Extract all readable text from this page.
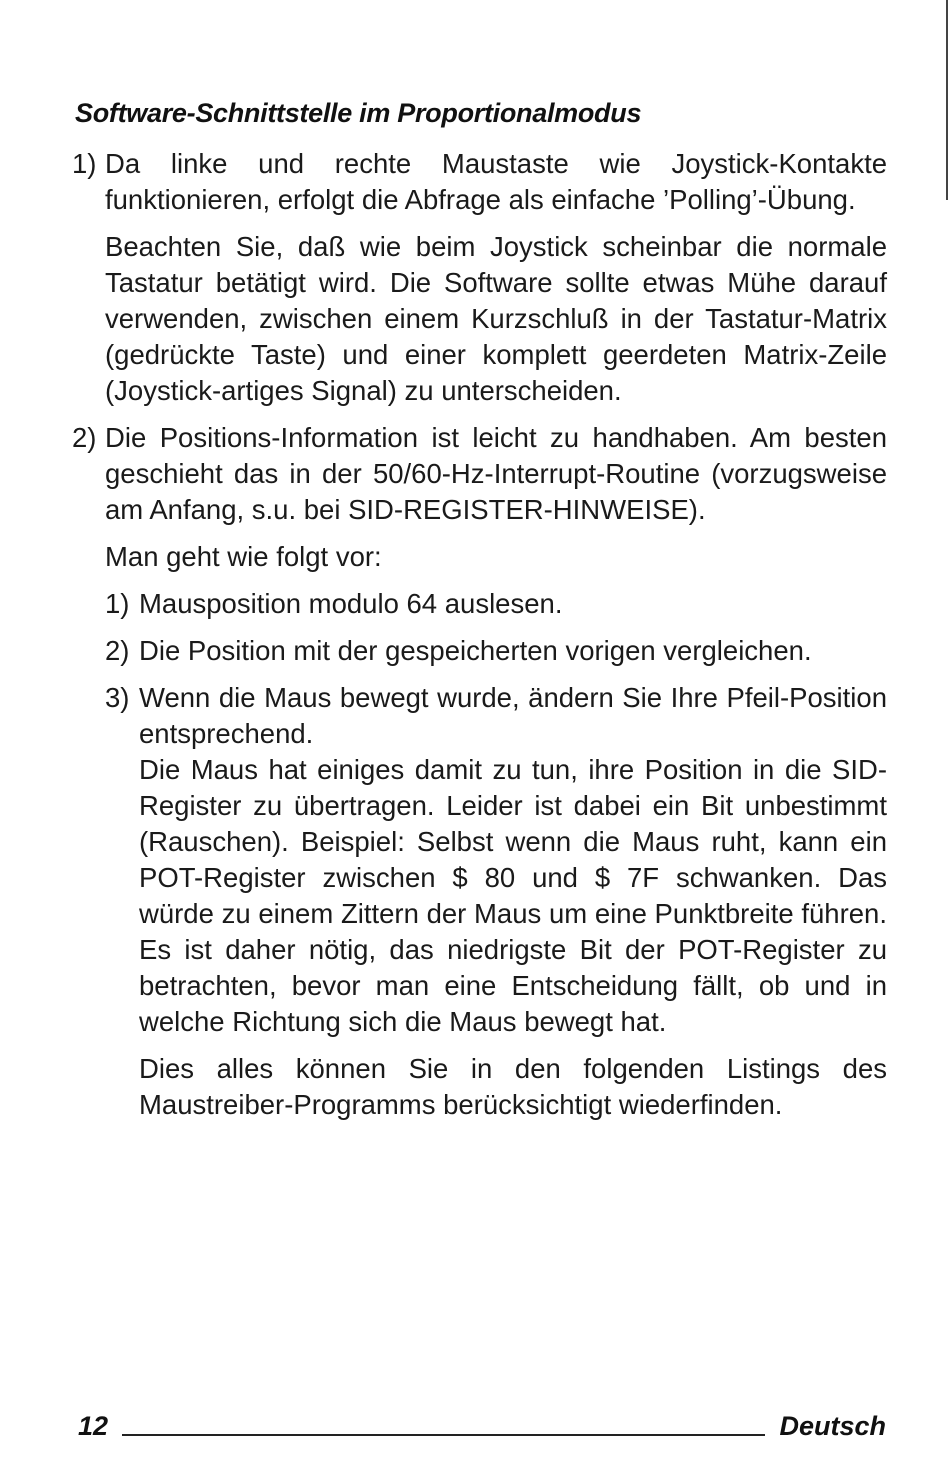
Software-Schnittstelle im Proportionalmodus
1) Da linke und rechte Maustaste wie Joystick-Kontakte funktionieren, erfolgt die Abfrage als einfache ’Polling’-Übung.

Beachten Sie, daß wie beim Joystick scheinbar die normale Tastatur betätigt wird. Die Software sollte etwas Mühe darauf verwenden, zwischen einem Kurzschluß in der Tastatur-Matrix (gedrückte Taste) und einer komplett geerdeten Matrix-Zeile (Joystick-artiges Signal) zu unterscheiden.

2) Die Positions-Information ist leicht zu handhaben. Am besten geschieht das in der 50/60-Hz-Interrupt-Routine (vorzugsweise am Anfang, s.u. bei SID-REGISTER-HINWEISE).

Man geht wie folgt vor:

1) Mausposition modulo 64 auslesen.

2) Die Position mit der gespeicherten vorigen vergleichen.

3) Wenn die Maus bewegt wurde, ändern Sie Ihre Pfeil-Position entsprechend.

Die Maus hat einiges damit zu tun, ihre Position in die SID-Register zu übertragen. Leider ist dabei ein Bit unbestimmt (Rauschen). Beispiel: Selbst wenn die Maus ruht, kann ein POT-Register zwischen $ 80 und $ 7F schwanken. Das würde zu einem Zittern der Maus um eine Punktbreite führen. Es ist daher nötig, das niedrigste Bit der POT-Register zu betrachten, bevor man eine Entscheidung fällt, ob und in welche Richtung sich die Maus bewegt hat.

Dies alles können Sie in den folgenden Listings des Maustreiber-Programms berücksichtigt wiederfinden.

12	Deutsch
